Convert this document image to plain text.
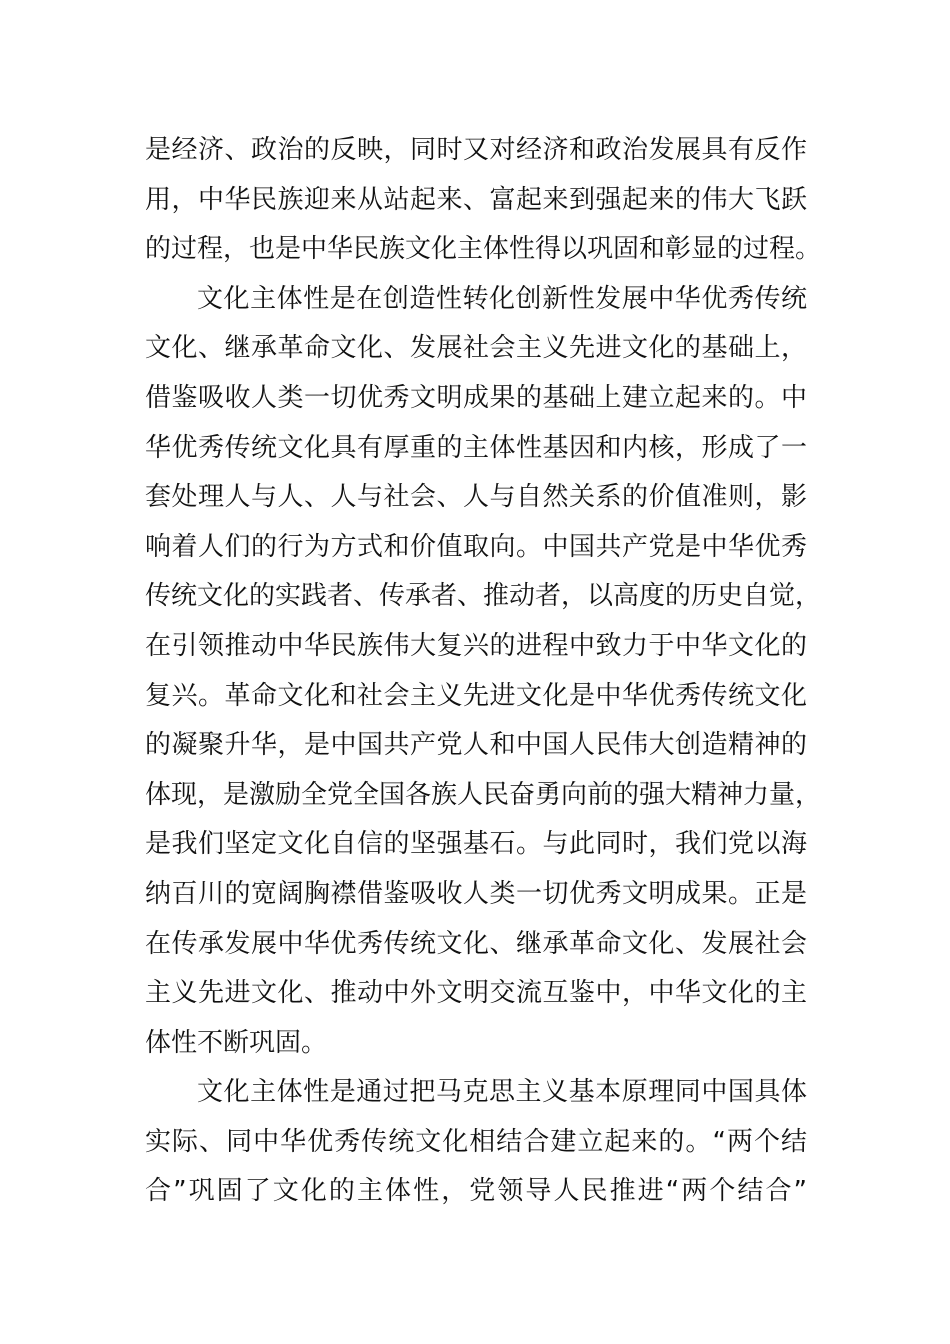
是经济、政治的反映，同时又对经济和政治发展具有反作
用，中华民族迎来从站起来、富起来到强起来的伟大飞跃
的过程，也是中华民族文化主体性得以巩固和彰显的过程。
文化主体性是在创造性转化创新性发展中华优秀传统
文化、继承革命文化、发展社会主义先进文化的基础上，
借鉴吸收人类一切优秀文明成果的基础上建立起来的。中
华优秀传统文化具有厚重的主体性基因和内核，形成了一
套处理人与人、人与社会、人与自然关系的价值准则，影
响着人们的行为方式和价值取向。中国共产党是中华优秀
传统文化的实践者、传承者、推动者，以高度的历史自觉，
在引领推动中华民族伟大复兴的进程中致力于中华文化的
复兴。革命文化和社会主义先进文化是中华优秀传统文化
的凝聚升华，是中国共产党人和中国人民伟大创造精神的
体现，是激励全党全国各族人民奋勇向前的强大精神力量，
是我们坚定文化自信的坚强基石。与此同时，我们党以海
纳百川的宽阔胸襟借鉴吸收人类一切优秀文明成果。正是
在传承发展中华优秀传统文化、继承革命文化、发展社会
主义先进文化、推动中外文明交流互鉴中，中华文化的主
体性不断巩固。
文化主体性是通过把马克思主义基本原理同中国具体
实际、同中华优秀传统文化相结合建立起来的。“两个结
合”巩固了文化的主体性，党领导人民推进“两个结合”
